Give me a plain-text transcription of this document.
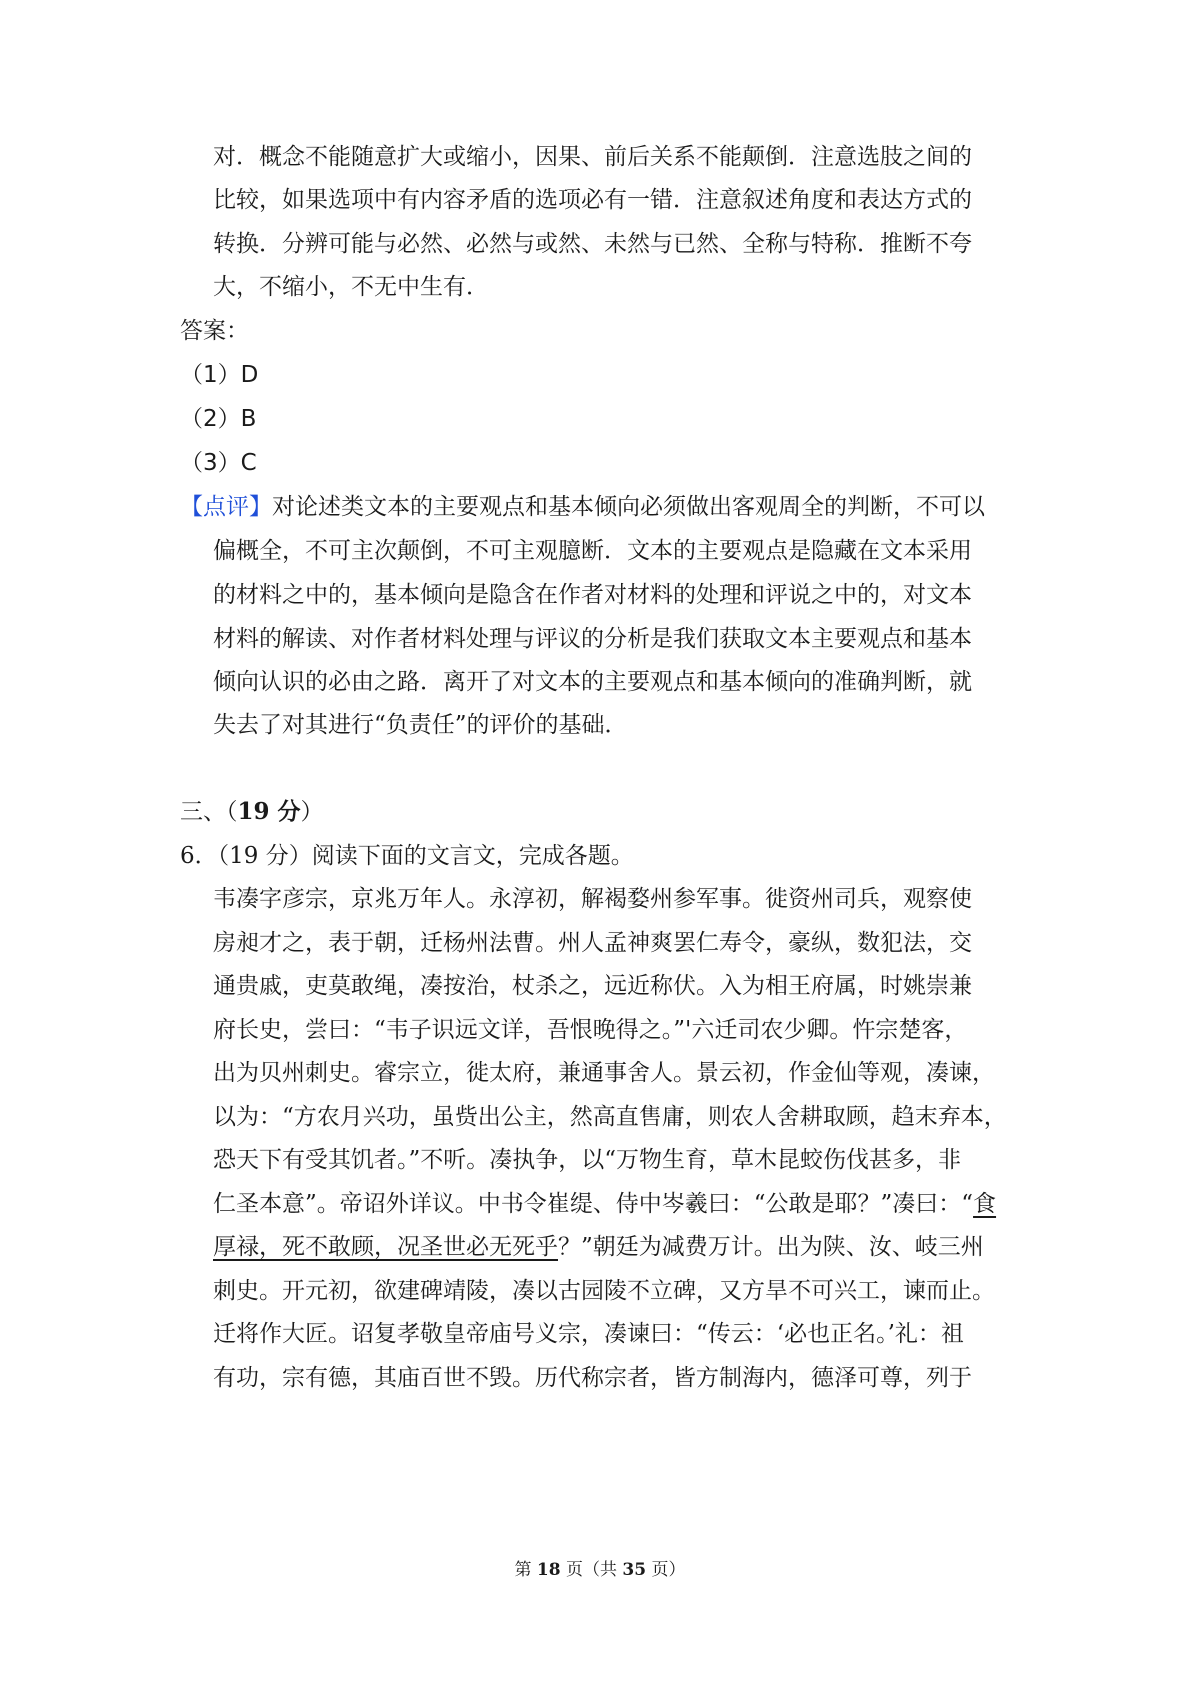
对．概念不能随意扩大或缩小，因果、前后关系不能颠倒．注意选肢之间的
比较，如果选项中有内容矛盾的选项必有一错．注意叙述角度和表达方式的
转换．分辨可能与必然、必然与或然、未然与已然、全称与特称．推断不夸
大，不缩小，不无中生有．
答案：
（1）D
（2）B
（3）C
【点评】对论述类文本的主要观点和基本倾向必须做出客观周全的判断，不可以
偏概全，不可主次颠倒，不可主观臆断．文本的主要观点是隐藏在文本采用
的材料之中的，基本倾向是隐含在作者对材料的处理和评说之中的，对文本
材料的解读、对作者材料处理与评议的分析是我们获取文本主要观点和基本
倾向认识的必由之路．离开了对文本的主要观点和基本倾向的准确判断，就
失去了对其进行“负责任”的评价的基础．
三、（19 分）
6．（19 分）阅读下面的文言文，完成各题。
韦凑字彦宗，京兆万年人。永淳初，解褐婺州参军事。徙资州司兵，观察使
房昶才之，表于朝，迁杨州法曹。州人孟神爽罢仁寿令，豪纵，数犯法，交
通贵戚，吏莫敢绳，凑按治，杖杀之，远近称伏。入为相王府属，时姚崇兼
府长史，尝曰：“韦子识远文详，吾恨晚得之。”'六迁司农少卿。忤宗楚客，
出为贝州刺史。睿宗立，徙太府，兼通事舍人。景云初，作金仙等观，凑谏，
以为：“方农月兴功，虽赀出公主，然高直售庸，则农人舍耕取顾，趋末弃本，
恐天下有受其饥者。”不听。凑执争，以“万物生育，草木昆蛟伤伐甚多，非
仁圣本意”。帝诏外详议。中书令崔缇、侍中岑羲曰：“公敢是耶？”凑曰：“食
厚禄，死不敢顾，况圣世必无死乎？”朝廷为减费万计。出为陕、汝、岐三州
刺史。开元初，欲建碑靖陵，凑以古园陵不立碑，又方旱不可兴工，谏而止。
迁将作大匠。诏复孝敬皇帝庙号义宗，凑谏曰：“传云：‘必也正名。’礼：祖
有功，宗有德，其庙百世不毁。历代称宗者，皆方制海内，德泽可尊，列于
第 18 页（共 35 页）
